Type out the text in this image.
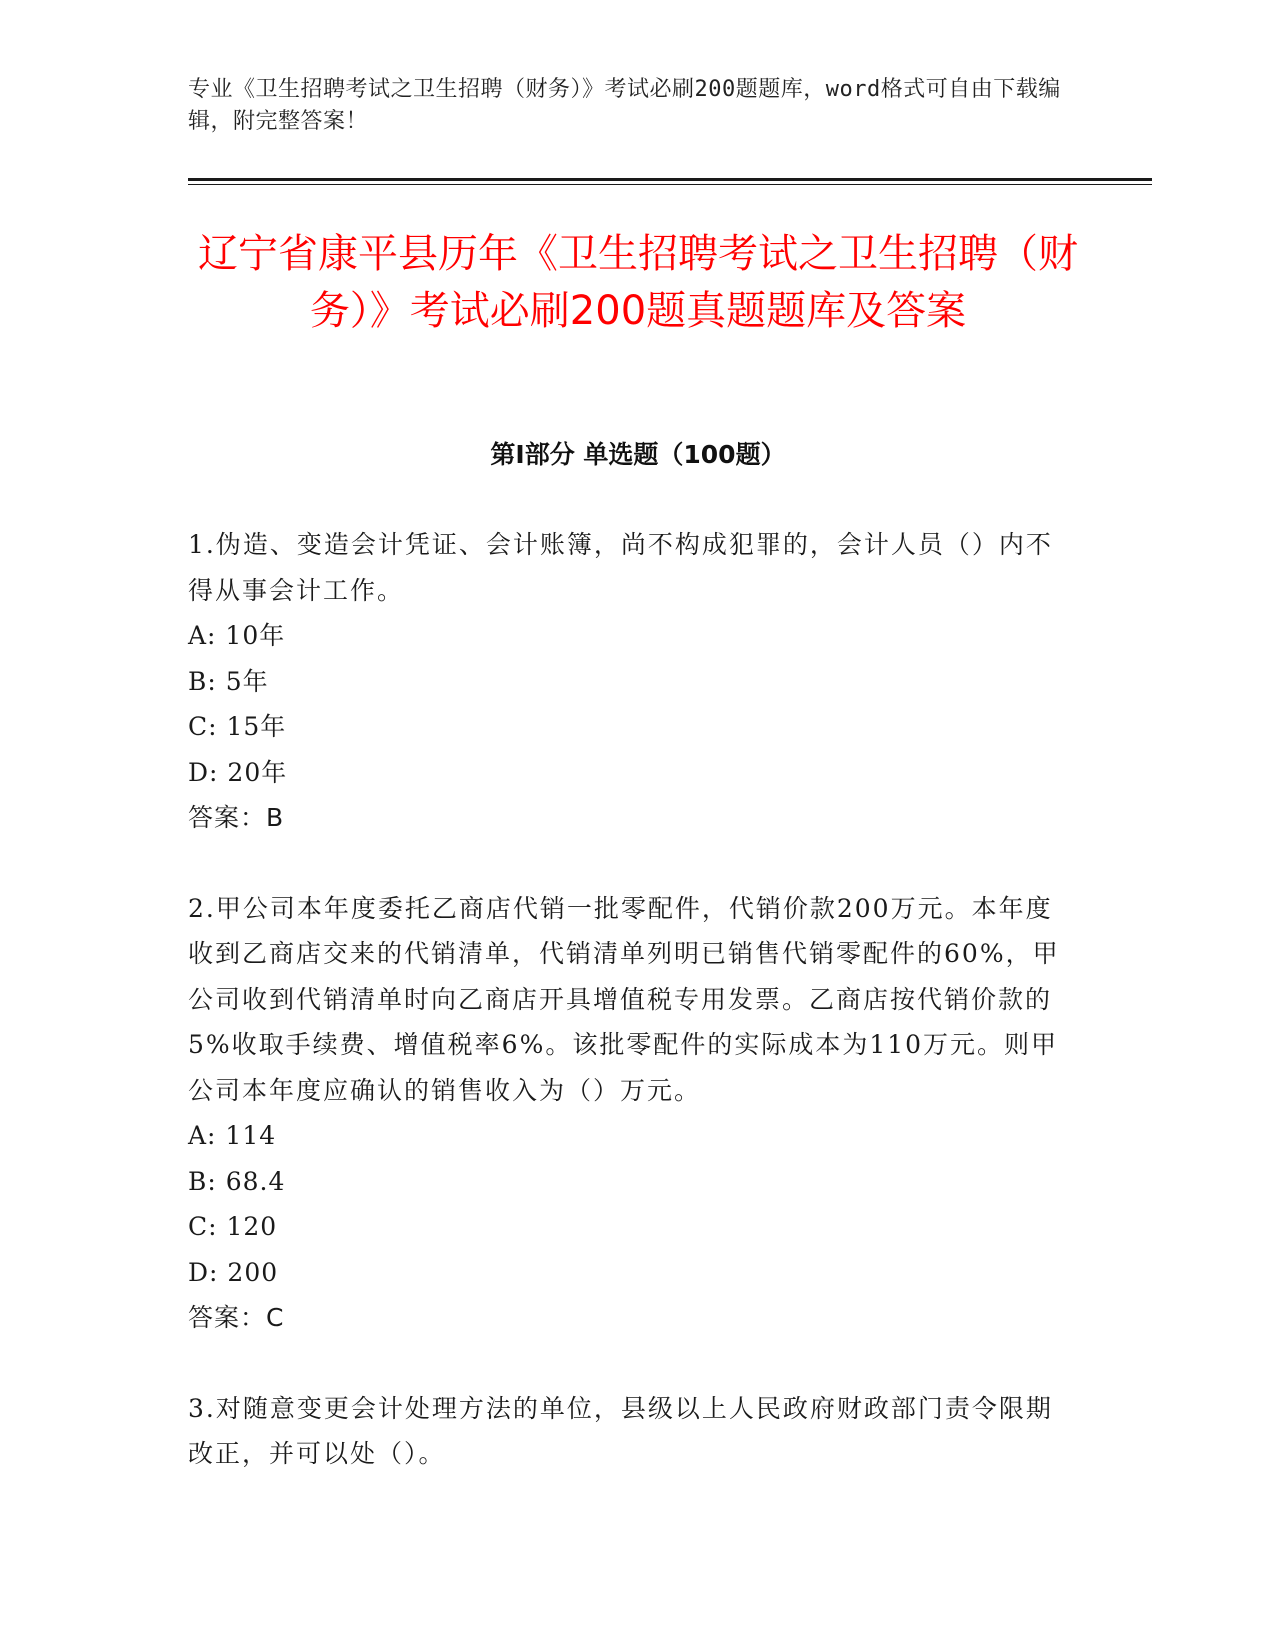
专业《卫生招聘考试之卫生招聘（财务）》考试必刷200题题库，word格式可自由下载编辑，附完整答案！
辽宁省康平县历年《卫生招聘考试之卫生招聘（财务）》考试必刷200题真题题库及答案
第I部分 单选题（100题）

1.伪造、变造会计凭证、会计账簿，尚不构成犯罪的，会计人员（）内不得从事会计工作。

A: 10年

B: 5年

C: 15年

D: 20年

答案：B

2.甲公司本年度委托乙商店代销一批零配件，代销价款200万元。本年度收到乙商店交来的代销清单，代销清单列明已销售代销零配件的60%，甲公司收到代销清单时向乙商店开具增值税专用发票。乙商店按代销价款的5%收取手续费、增值税率6%。该批零配件的实际成本为110万元。则甲公司本年度应确认的销售收入为（）万元。

A: 114

B: 68.4

C: 120

D: 200

答案：C

3.对随意变更会计处理方法的单位，县级以上人民政府财政部门责令限期改正，并可以处（）。
